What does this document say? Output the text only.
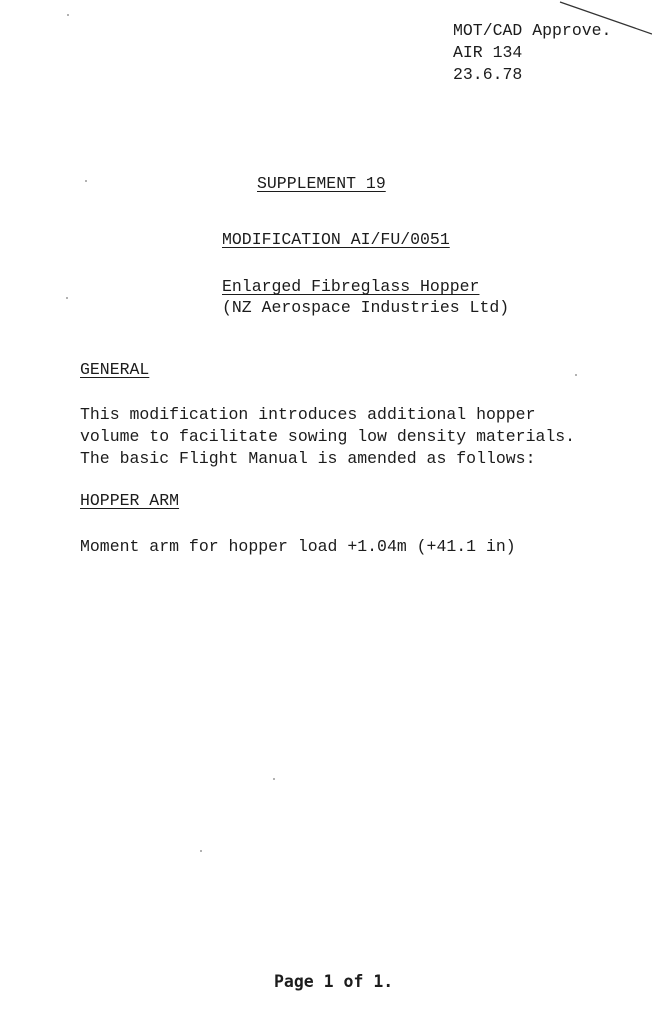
MOT/CAD Approve.
AIR 134
23.6.78
SUPPLEMENT 19
MODIFICATION AI/FU/0051
Enlarged Fibreglass Hopper
(NZ Aerospace Industries Ltd)
GENERAL
This modification introduces additional hopper
volume to facilitate sowing low density materials.
The basic Flight Manual is amended as follows:
HOPPER ARM
Moment arm for hopper load +1.04m (+41.1 in)
Page 1 of 1.
